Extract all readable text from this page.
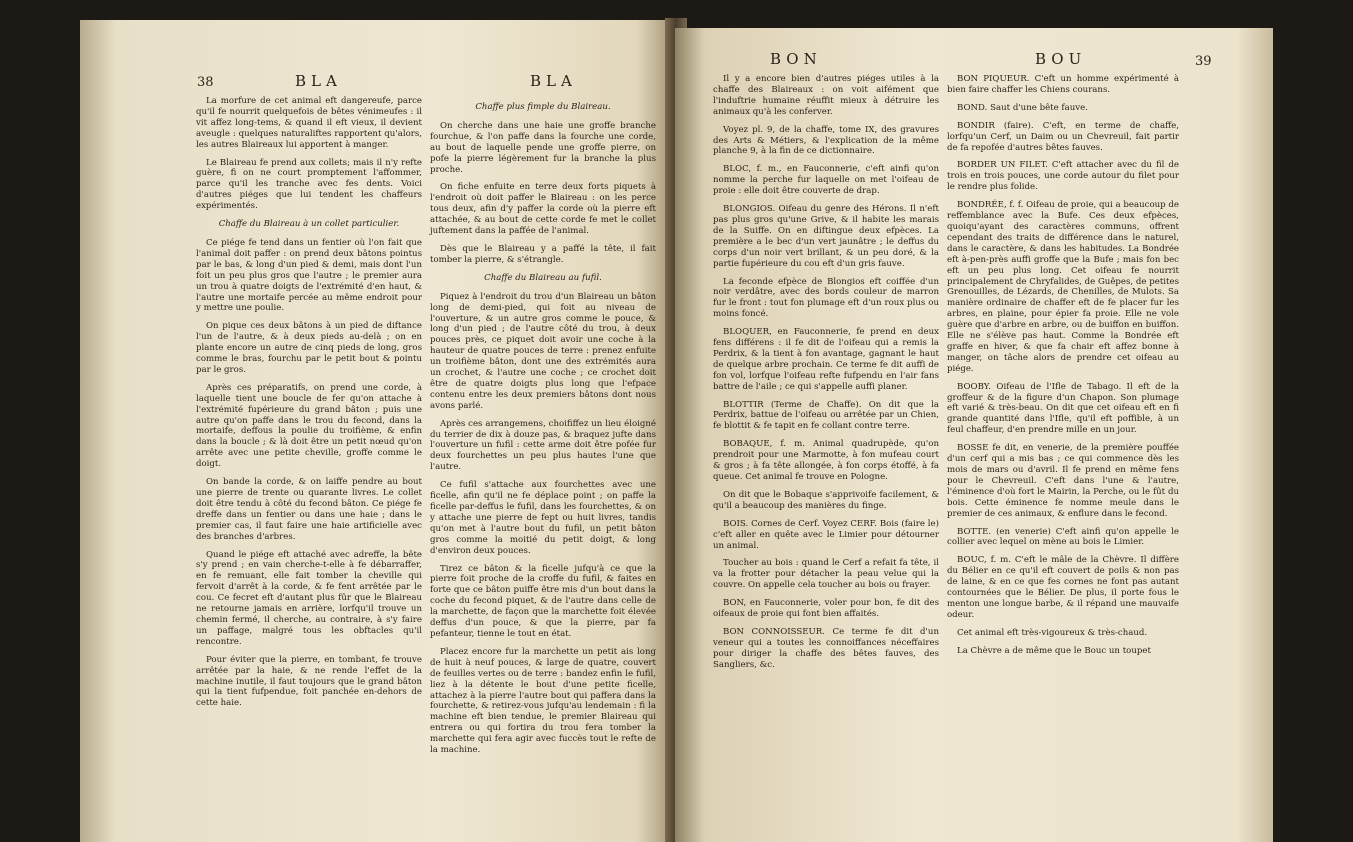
38	BLA	BLA

La morfure de cet animal eft dangereufe, parce qu'il fe nourrit quelquefois de bêtes vénimeufes : il vit affez long-tems, & quand il eft vieux, il devient aveugle : quelques naturaliftes rapportent qu'alors, les autres Blaireaux lui apportent à manger.

Le Blaireau fe prend aux collets; mais il n'y refte guère, fi on ne court promptement l'affommer, parce qu'il les tranche avec fes dents. Voici d'autres piéges que lui tendent les chaffeurs expérimentés.

Chaffe du Blaireau à un collet particulier.

Ce piége fe tend dans un fentier où l'on fait que l'animal doit paffer : on prend deux bâtons pointus par le bas, & long d'un pied & demi, mais dont l'un foit un peu plus gros que l'autre ; le premier aura un trou à quatre doigts de l'extrémité d'en haut, & l'autre une mortaife percée au même endroit pour y mettre une poulie.

On pique ces deux bâtons à un pied de diftance l'un de l'autre, & à deux pieds au-delà ; on en plante encore un autre de cinq pieds de long, gros comme le bras, fourchu par le petit bout & pointu par le gros.

Après ces préparatifs, on prend une corde, à laquelle tient une boucle de fer qu'on attache à l'extrémité fupérieure du grand bâton ; puis une autre qu'on paffe dans le trou du fecond, dans la mortaife, deffous la poulie du troifième, & enfin dans la boucle ; & là doit être un petit nœud qu'on arrête avec une petite cheville, groffe comme le doigt.

On bande la corde, & on laiffe pendre au bout une pierre de trente ou quarante livres. Le collet doit être tendu à côté du fecond bâton. Ce piége fe dreffe dans un fentier ou dans une haie ; dans le premier cas, il faut faire une haie artificielle avec des branches d'arbres.

Quand le piége eft attaché avec adreffe, la bête s'y prend ; en vain cherche-t-elle à fe débarraffer, en fe remuant, elle fait tomber la cheville qui fervoit d'arrêt à la corde, & fe fent arrêtée par le cou. Ce fecret eft d'autant plus fûr que le Blaireau ne retourne jamais en arrière, lorfqu'il trouve un chemin fermé, il cherche, au contraire, à s'y faire un paffage, malgré tous les obftacles qu'il rencontre.

Pour éviter que la pierre, en tombant, fe trouve arrêtée par la haie, & ne rende l'effet de la machine inutile, il faut toujours que le grand bâton qui la tient fufpendue, foit panchée en-dehors de cette haie.

Chaffe plus fimple du Blaireau.

On cherche dans une haie une groffe branche fourchue, & l'on paffe dans la fourche une corde, au bout de laquelle pende une groffe pierre, on pofe la pierre légèrement fur la branche la plus proche.

On fiche enfuite en terre deux forts piquets à l'endroit où doit paffer le Blaireau : on les perce tous deux, afin d'y paffer la corde où la pierre eft attachée, & au bout de cette corde fe met le collet juftement dans la paffée de l'animal.

Dès que le Blaireau y a paffé la tête, il fait tomber la pierre, & s'étrangle.

Chaffe du Blaireau au fufil.

Piquez à l'endroit du trou d'un Blaireau un bâton long de demi-pied, qui foit au niveau de l'ouverture, & un autre gros comme le pouce, & long d'un pied ; de l'autre côté du trou, à deux pouces près, ce piquet doit avoir une coche à la hauteur de quatre pouces de terre : prenez enfuite un troifième bâton, dont une des extrémités aura un crochet, & l'autre une coche ; ce crochet doit être de quatre doigts plus long que l'efpace contenu entre les deux premiers bâtons dont nous avons parlé.

Après ces arrangemens, choififfez un lieu éloigné du terrier de dix à douze pas, & braquez jufte dans l'ouverture un fufil : cette arme doit être pofée fur deux fourchettes un peu plus hautes l'une que l'autre.

Ce fufil s'attache aux fourchettes avec une ficelle, afin qu'il ne fe déplace point ; on paffe la ficelle par-deffus le fufil, dans les fourchettes, & on y attache une pierre de fept ou huit livres, tandis qu'on met à l'autre bout du fufil, un petit bâton gros comme la moitié du petit doigt, & long d'environ deux pouces.

Tirez ce bâton & la ficelle jufqu'à ce que la pierre foit proche de la croffe du fufil, & faites en forte que ce bâton puiffe être mis d'un bout dans la coche du fecond piquet, & de l'autre dans celle de la marchette, de façon que la marchette foit élevée deffus d'un pouce, & que la pierre, par fa pefanteur, tienne le tout en état.

Placez encore fur la marchette un petit ais long de huit à neuf pouces, & large de quatre, couvert de feuilles vertes ou de terre : bandez enfin le fufil, liez à la détente le bout d'une petite ficelle, attachez à la pierre l'autre bout qui paffera dans la fourchette, & retirez-vous jufqu'au lendemain : fi la machine eft bien tendue, le premier Blaireau qui entrera ou qui fortira du trou fera tomber la marchette qui fera agir avec fuccès tout le refte de la machine.

BON	BOU	39

Il y a encore bien d'autres piéges utiles à la chaffe des Blaireaux : on voit aifément que l'induftrie humaine réuffit mieux à détruire les animaux qu'à les conferver.

Voyez pl. 9, de la chaffe, tome IX, des gravures des Arts & Métiers, & l'explication de la même planche 9, à la fin de ce dictionnaire.

BLOC, f. m., en Fauconnerie, c'eft ainfi qu'on nomme la perche fur laquelle on met l'oifeau de proie : elle doit être couverte de drap.

BLONGIOS. Oifeau du genre des Hérons. Il n'eft pas plus gros qu'une Grive, & il habite les marais de la Suiffe. On en diftingue deux efpèces. La première a le bec d'un vert jaunâtre ; le deffus du corps d'un noir vert brillant, & un peu doré, & la partie fupérieure du cou eft d'un gris fauve.

La feconde efpèce de Blongios eft coiffée d'un noir verdâtre, avec des bords couleur de marron fur le front : tout fon plumage eft d'un roux plus ou moins foncé.

BLOQUER, en Fauconnerie, fe prend en deux fens différens : il fe dit de l'oifeau qui a remis la Perdrix, & la tient à fon avantage, gagnant le haut de quelque arbre prochain. Ce terme fe dit auffi de fon vol, lorfque l'oifeau refte fufpendu en l'air fans battre de l'aile ; ce qui s'appelle auffi planer.

BLOTTIR (Terme de Chaffe). On dit que la Perdrix, battue de l'oifeau ou arrêtée par un Chien, fe blottit & fe tapit en fe collant contre terre.

BOBAQUE, f. m. Animal quadrupède, qu'on prendroit pour une Marmotte, à fon mufeau court & gros ; à fa tête allongée, à fon corps étoffé, à fa queue. Cet animal fe trouve en Pologne.

On dit que le Bobaque s'apprivoife facilement, & qu'il a beaucoup des manières du finge.

BOIS. Cornes de Cerf. Voyez CERF. Bois (faire le) c'eft aller en quête avec le Limier pour détourner un animal.

Toucher au bois : quand le Cerf a refait fa tête, il va la frotter pour détacher la peau velue qui la couvre. On appelle cela toucher au bois ou frayer.

BON, en Fauconnerie, voler pour bon, fe dit des oifeaux de proie qui font bien affaités.

BON CONNOISSEUR. Ce terme fe dit d'un veneur qui a toutes les connoiffances néceffaires pour diriger la chaffe des bêtes fauves, des Sangliers, &c.

BON PIQUEUR. C'eft un homme expérimenté à bien faire chaffer les Chiens courans.

BOND. Saut d'une bête fauve.

BONDIR (faire). C'eft, en terme de chaffe, lorfqu'un Cerf, un Daim ou un Chevreuil, fait partir de fa repofée d'autres bêtes fauves.

BORDER UN FILET. C'eft attacher avec du fil de trois en trois pouces, une corde autour du filet pour le rendre plus folide.

BONDRÉE, f. f. Oifeau de proie, qui a beaucoup de reffemblance avec la Bufe. Ces deux efpèces, quoiqu'ayant des caractères communs, offrent cependant des traits de différence dans le naturel, dans le caractère, & dans les habitudes. La Bondrée eft à-pen-près auffi groffe que la Bufe ; mais fon bec eft un peu plus long. Cet oifeau fe nourrit principalement de Chryfalides, de Guêpes, de petites Grenouilles, de Lézards, de Chenilles, de Mulots. Sa manière ordinaire de chaffer eft de fe placer fur les arbres, en plaine, pour épier fa proie. Elle ne vole guère que d'arbre en arbre, ou de buiffon en buiffon. Elle ne s'élève pas haut. Comme la Bondrée eft graffe en hiver, & que fa chair eft affez bonne à manger, on tâche alors de prendre cet oifeau au piége.

BOOBY. Oifeau de l'Ifle de Tabago. Il eft de la groffeur & de la figure d'un Chapon. Son plumage eft varié & très-beau. On dit que cet oifeau eft en fi grande quantité dans l'Ifle, qu'il eft poffible, à un feul chaffeur, d'en prendre mille en un jour.

BOSSE fe dit, en venerie, de la première pouffée d'un cerf qui a mis bas ; ce qui commence dès les mois de mars ou d'avril. Il fe prend en même fens pour le Chevreuil. C'eft dans l'une & l'autre, l'éminence d'où fort le Mairin, la Perche, ou le fût du bois. Cette éminence fe nomme meule dans le premier de ces animaux, & enflure dans le fecond.

BOTTE. (en venerie) C'eft ainfi qu'on appelle le collier avec lequel on mène au bois le Limier.

BOUC, f. m. C'eft le mâle de la Chèvre. Il diffère du Bélier en ce qu'il eft couvert de poils & non pas de laine, & en ce que fes cornes ne font pas autant contournées que le Bélier. De plus, il porte fous le menton une longue barbe, & il répand une mauvaife odeur.

Cet animal eft très-vigoureux & très-chaud.

La Chèvre a de même que le Bouc un toupet
